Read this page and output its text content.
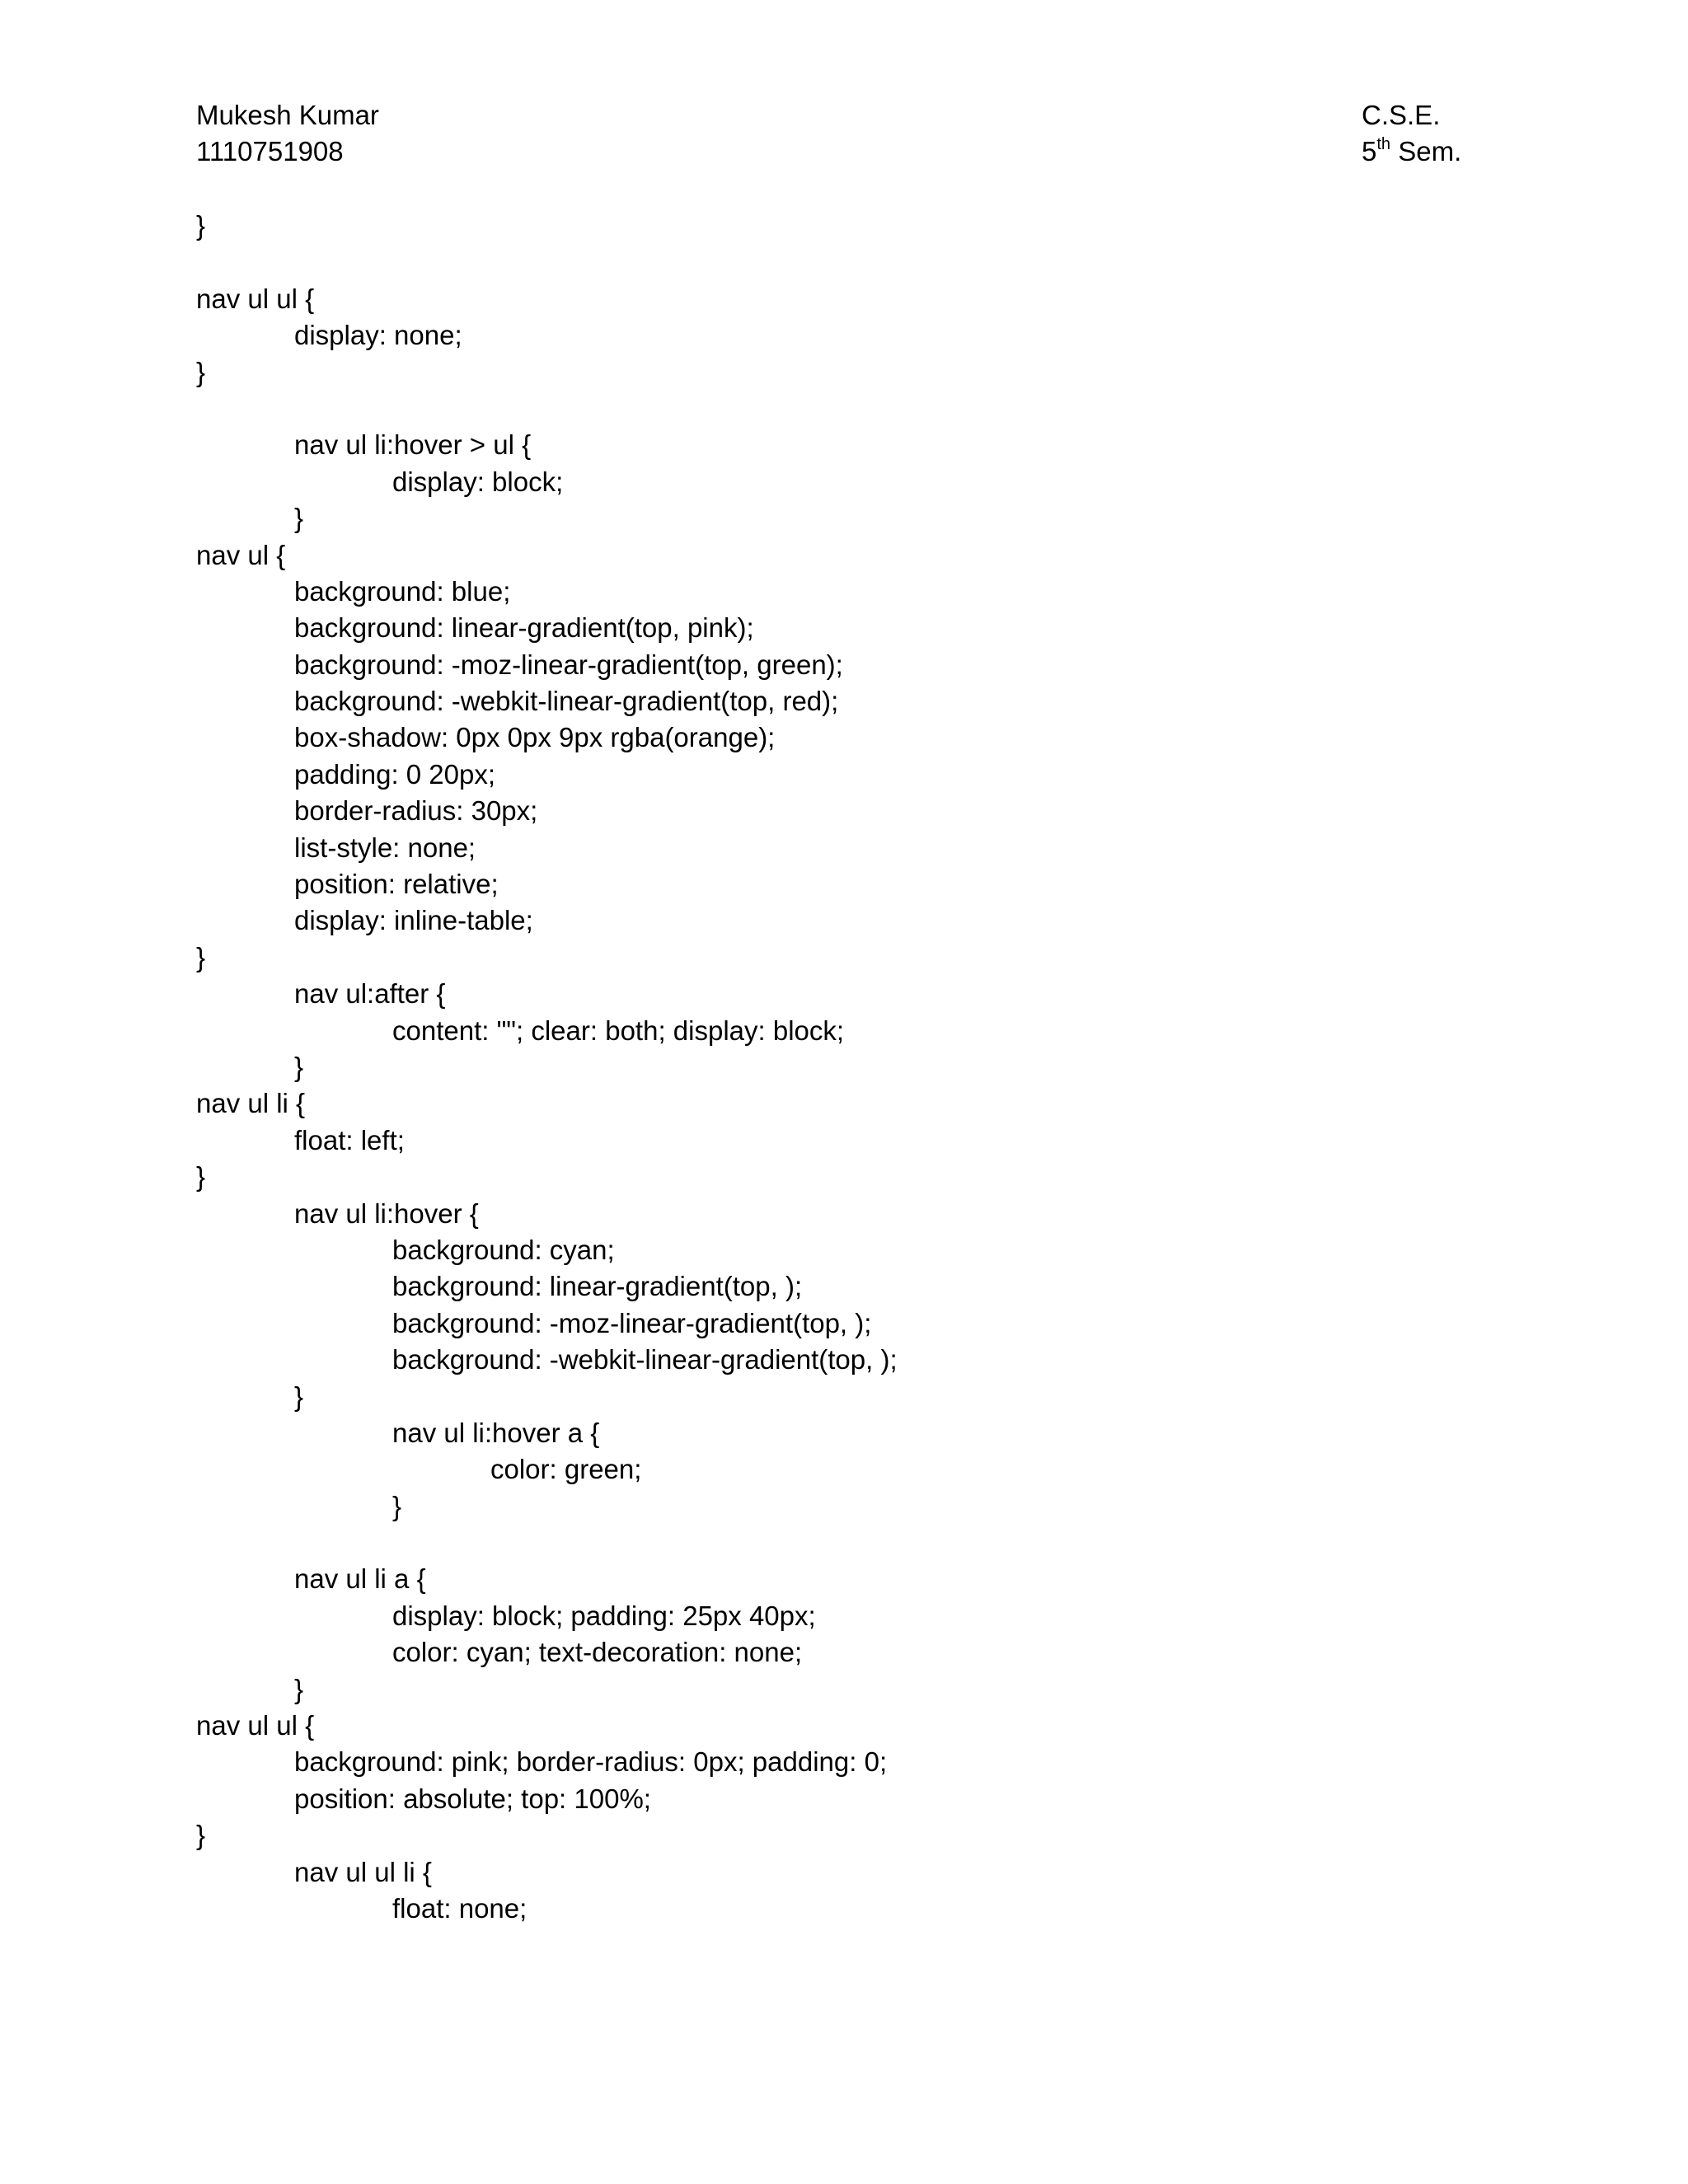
Mukesh Kumar
1110751908
C.S.E.
5th Sem.
}
nav ul ul {
display: none;
}
nav ul li:hover > ul {
display: block;
}
nav ul {
background: blue;
background: linear-gradient(top, pink);
background: -moz-linear-gradient(top, green);
background: -webkit-linear-gradient(top, red);
box-shadow: 0px 0px 9px rgba(orange);
padding: 0 20px;
border-radius: 30px;
list-style: none;
position: relative;
display: inline-table;
}
nav ul:after {
content: ""; clear: both; display: block;
}
nav ul li {
float: left;
}
nav ul li:hover {
background: cyan;
background: linear-gradient(top, );
background: -moz-linear-gradient(top, );
background: -webkit-linear-gradient(top, );
}
nav ul li:hover a {
color: green;
}
nav ul li a {
display: block; padding: 25px 40px;
color: cyan; text-decoration: none;
}
nav ul ul {
background: pink; border-radius: 0px; padding: 0;
position: absolute; top: 100%;
}
nav ul ul li {
float: none;
